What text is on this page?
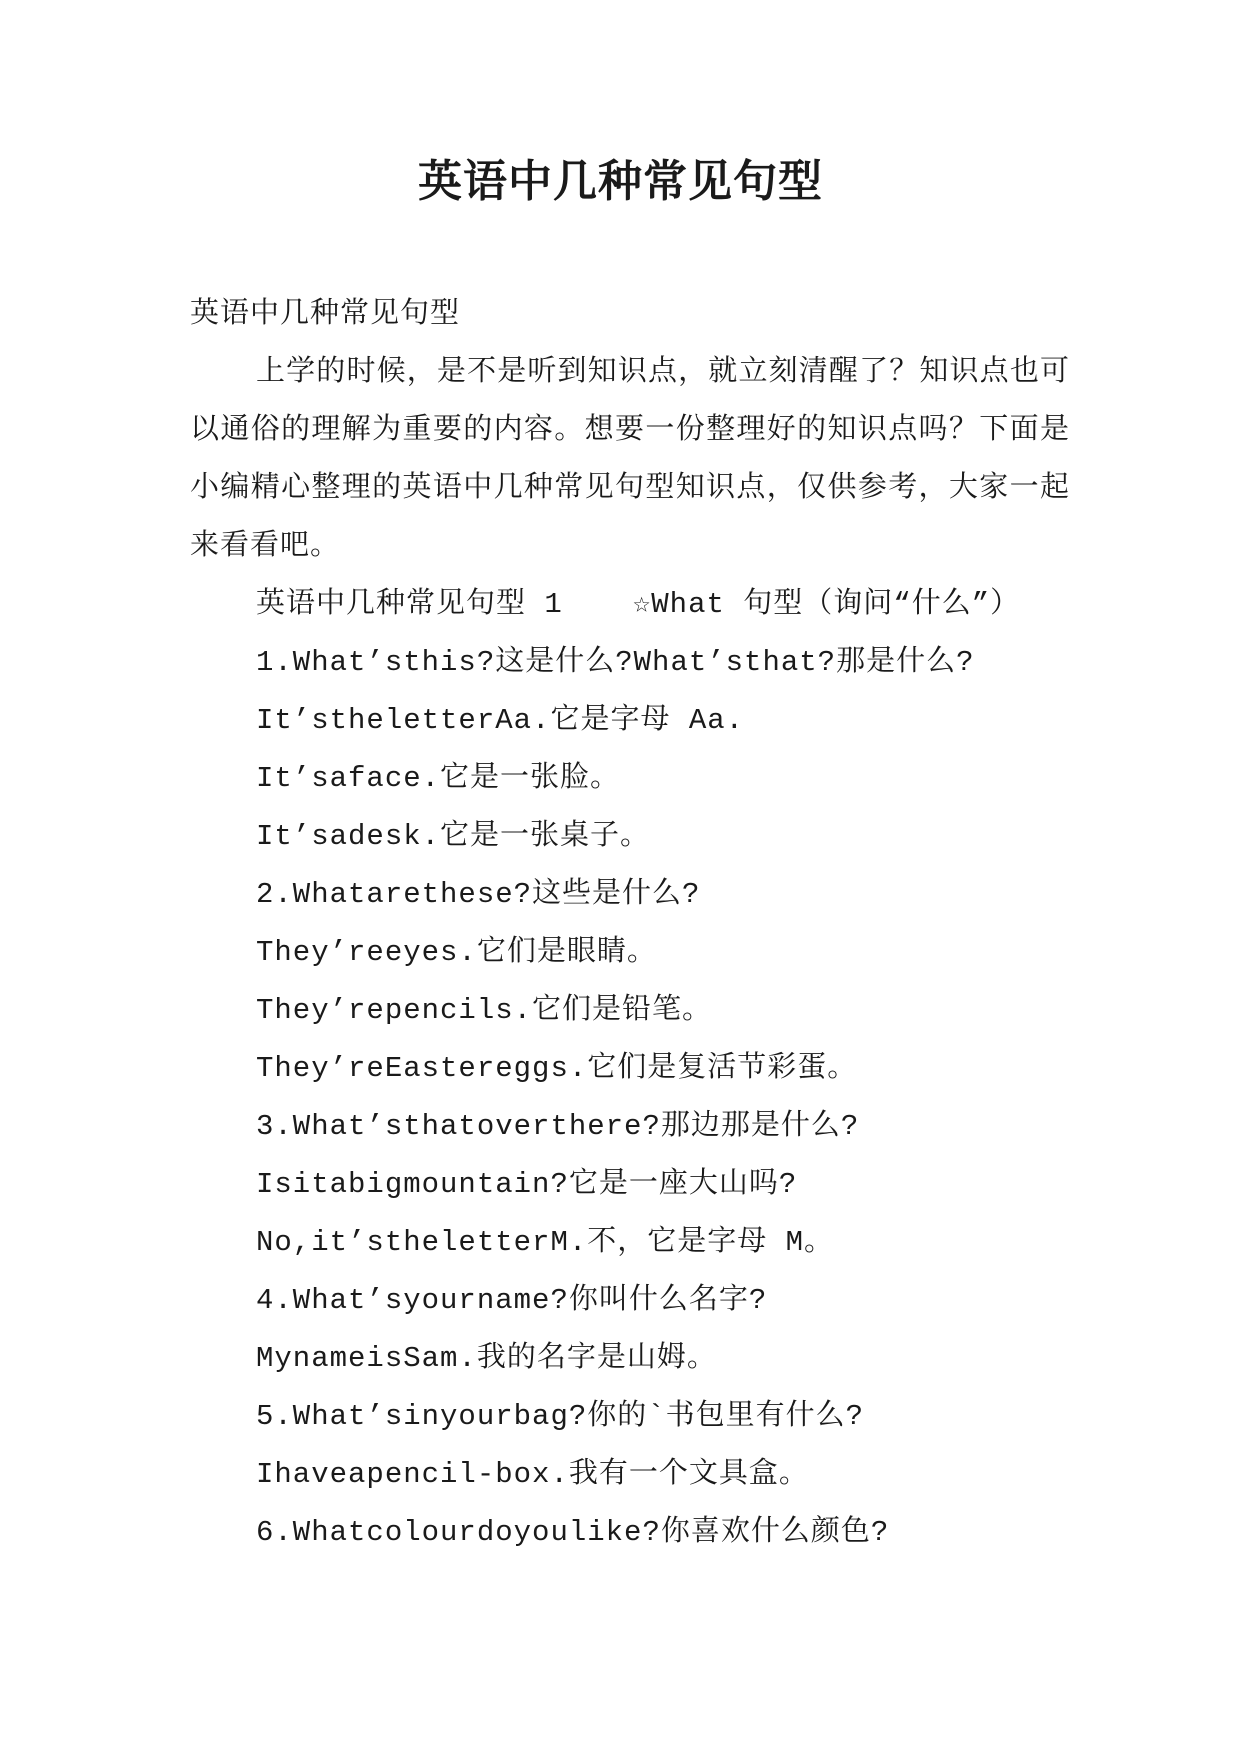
英语中几种常见句型
英语中几种常见句型

上学的时候，是不是听到知识点，就立刻清醒了？知识点也可以通俗的理解为重要的内容。想要一份整理好的知识点吗？下面是小编精心整理的英语中几种常见句型知识点，仅供参考，大家一起来看看吧。

英语中几种常见句型 1 ☆What 句型（询问“什么”）
1.What’sthis?这是什么?What’sthat?那是什么?
It’stheletterAa.它是字母 Aa.
It’saface.它是一张脸。
It’sadesk.它是一张桌子。
2.Whatarethese?这些是什么?
They’reeyes.它们是眼睛。
They’repencils.它们是铅笔。
They’reEastereggs.它们是复活节彩蛋。
3.What’sthatoverthere?那边那是什么?
Isitabigmountain?它是一座大山吗?
No,it’stheletterM.不，它是字母 M。
4.What’syourname?你叫什么名字?
MynameisSam.我的名字是山姆。
5.What’sinyourbag?你的`书包里有什么?
Ihaveapencil-box.我有一个文具盒。
6.Whatcolourdoyoulike?你喜欢什么颜色?
